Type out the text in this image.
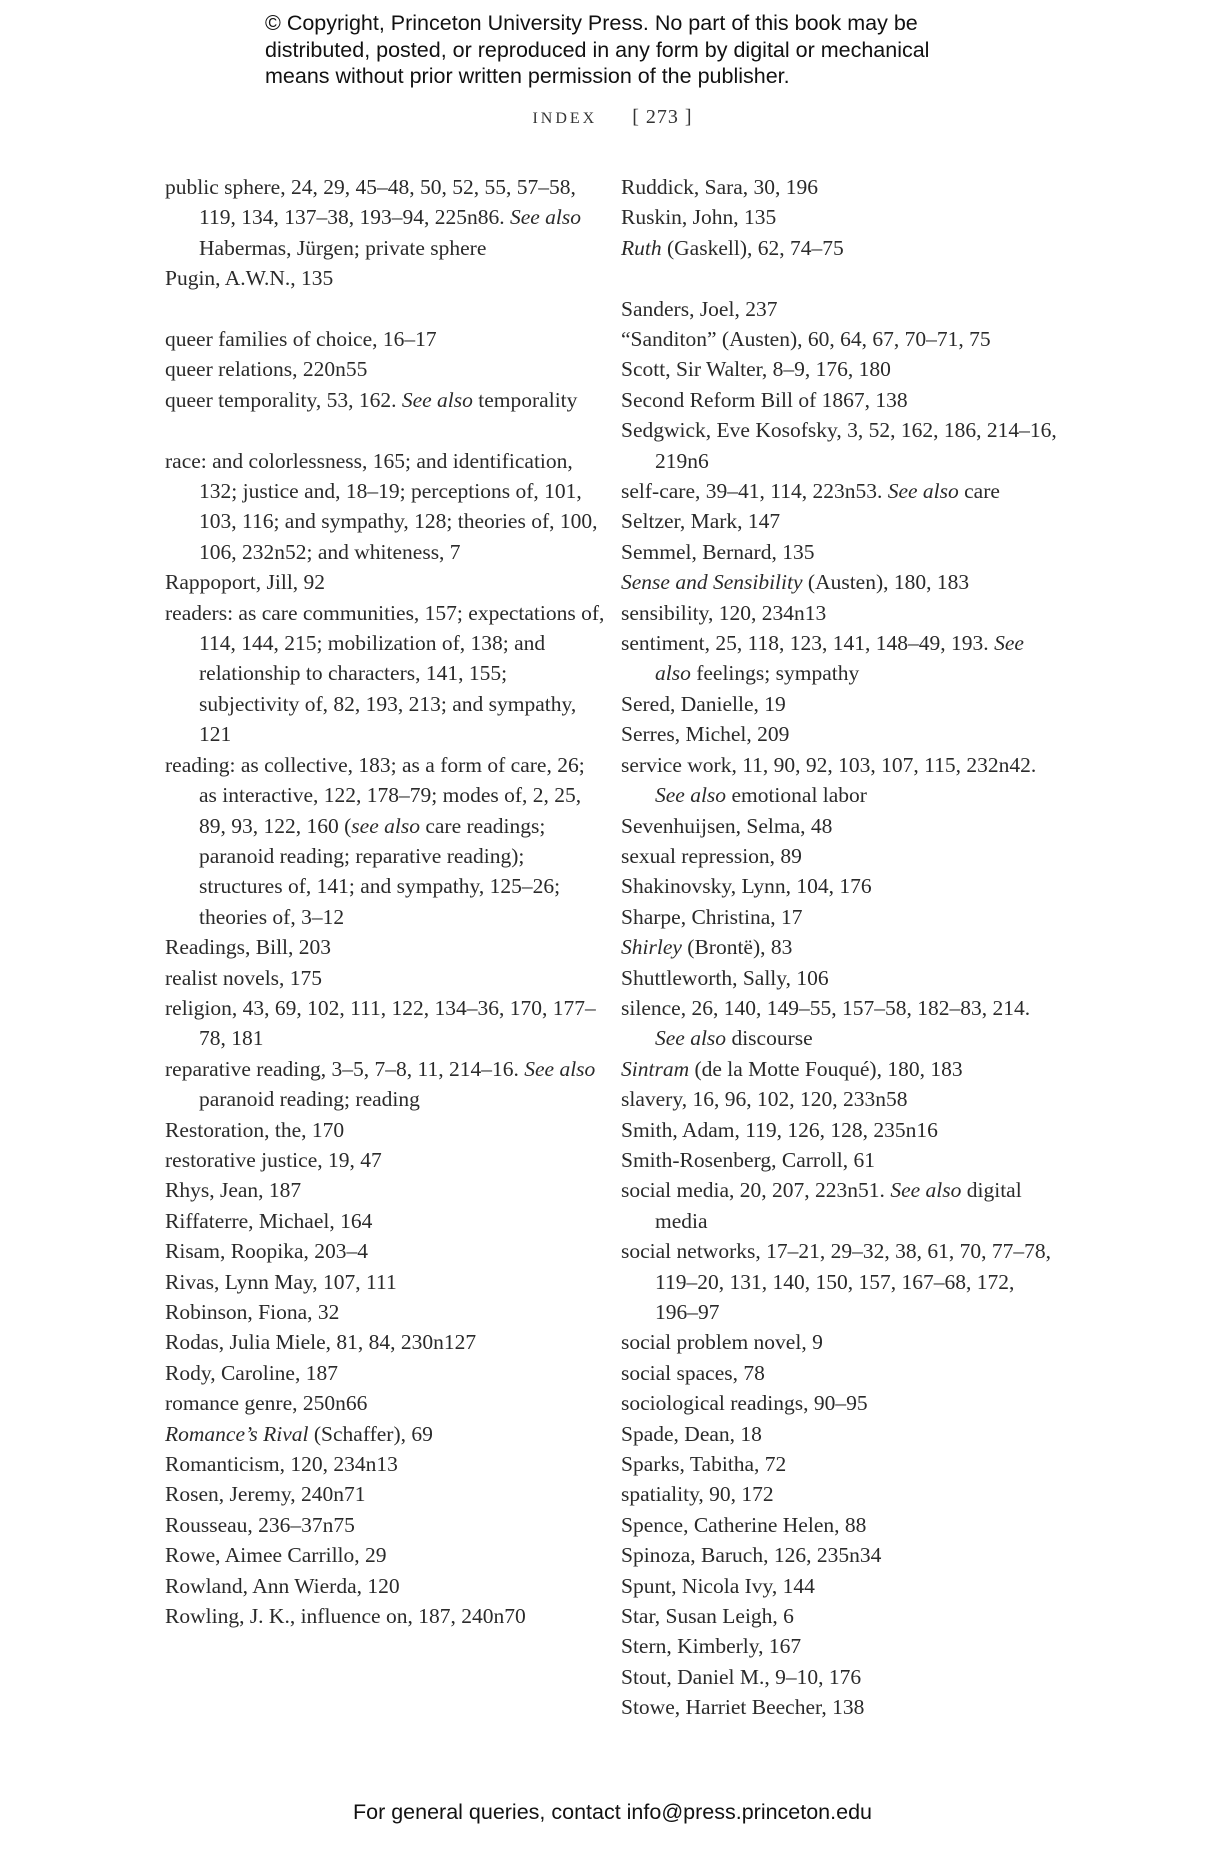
© Copyright, Princeton University Press. No part of this book may be
distributed, posted, or reproduced in any form by digital or mechanical
means without prior written permission of the publisher.
INDEX [ 273 ]
public sphere, 24, 29, 45–48, 50, 52, 55, 57–58, 119, 134, 137–38, 193–94, 225n86. See also Habermas, Jürgen; private sphere
Pugin, A.W.N., 135
queer families of choice, 16–17
queer relations, 220n55
queer temporality, 53, 162. See also temporality
race: and colorlessness, 165; and identification, 132; justice and, 18–19; perceptions of, 101, 103, 116; and sympathy, 128; theories of, 100, 106, 232n52; and whiteness, 7
Rappoport, Jill, 92
readers: as care communities, 157; expectations of, 114, 144, 215; mobilization of, 138; and relationship to characters, 141, 155; subjectivity of, 82, 193, 213; and sympathy, 121
reading: as collective, 183; as a form of care, 26; as interactive, 122, 178–79; modes of, 2, 25, 89, 93, 122, 160 (see also care readings; paranoid reading; reparative reading); structures of, 141; and sympathy, 125–26; theories of, 3–12
Readings, Bill, 203
realist novels, 175
religion, 43, 69, 102, 111, 122, 134–36, 170, 177–78, 181
reparative reading, 3–5, 7–8, 11, 214–16. See also paranoid reading; reading
Restoration, the, 170
restorative justice, 19, 47
Rhys, Jean, 187
Riffaterre, Michael, 164
Risam, Roopika, 203–4
Rivas, Lynn May, 107, 111
Robinson, Fiona, 32
Rodas, Julia Miele, 81, 84, 230n127
Rody, Caroline, 187
romance genre, 250n66
Romance’s Rival (Schaffer), 69
Romanticism, 120, 234n13
Rosen, Jeremy, 240n71
Rousseau, 236–37n75
Rowe, Aimee Carrillo, 29
Rowland, Ann Wierda, 120
Rowling, J. K., influence on, 187, 240n70
Ruddick, Sara, 30, 196
Ruskin, John, 135
Ruth (Gaskell), 62, 74–75
Sanders, Joel, 237
“Sanditon” (Austen), 60, 64, 67, 70–71, 75
Scott, Sir Walter, 8–9, 176, 180
Second Reform Bill of 1867, 138
Sedgwick, Eve Kosofsky, 3, 52, 162, 186, 214–16, 219n6
self-care, 39–41, 114, 223n53. See also care
Seltzer, Mark, 147
Semmel, Bernard, 135
Sense and Sensibility (Austen), 180, 183
sensibility, 120, 234n13
sentiment, 25, 118, 123, 141, 148–49, 193. See also feelings; sympathy
Sered, Danielle, 19
Serres, Michel, 209
service work, 11, 90, 92, 103, 107, 115, 232n42. See also emotional labor
Sevenhuijsen, Selma, 48
sexual repression, 89
Shakinovsky, Lynn, 104, 176
Sharpe, Christina, 17
Shirley (Brontë), 83
Shuttleworth, Sally, 106
silence, 26, 140, 149–55, 157–58, 182–83, 214. See also discourse
Sintram (de la Motte Fouqué), 180, 183
slavery, 16, 96, 102, 120, 233n58
Smith, Adam, 119, 126, 128, 235n16
Smith-Rosenberg, Carroll, 61
social media, 20, 207, 223n51. See also digital media
social networks, 17–21, 29–32, 38, 61, 70, 77–78, 119–20, 131, 140, 150, 157, 167–68, 172, 196–97
social problem novel, 9
social spaces, 78
sociological readings, 90–95
Spade, Dean, 18
Sparks, Tabitha, 72
spatiality, 90, 172
Spence, Catherine Helen, 88
Spinoza, Baruch, 126, 235n34
Spunt, Nicola Ivy, 144
Star, Susan Leigh, 6
Stern, Kimberly, 167
Stout, Daniel M., 9–10, 176
Stowe, Harriet Beecher, 138
For general queries, contact info@press.princeton.edu
